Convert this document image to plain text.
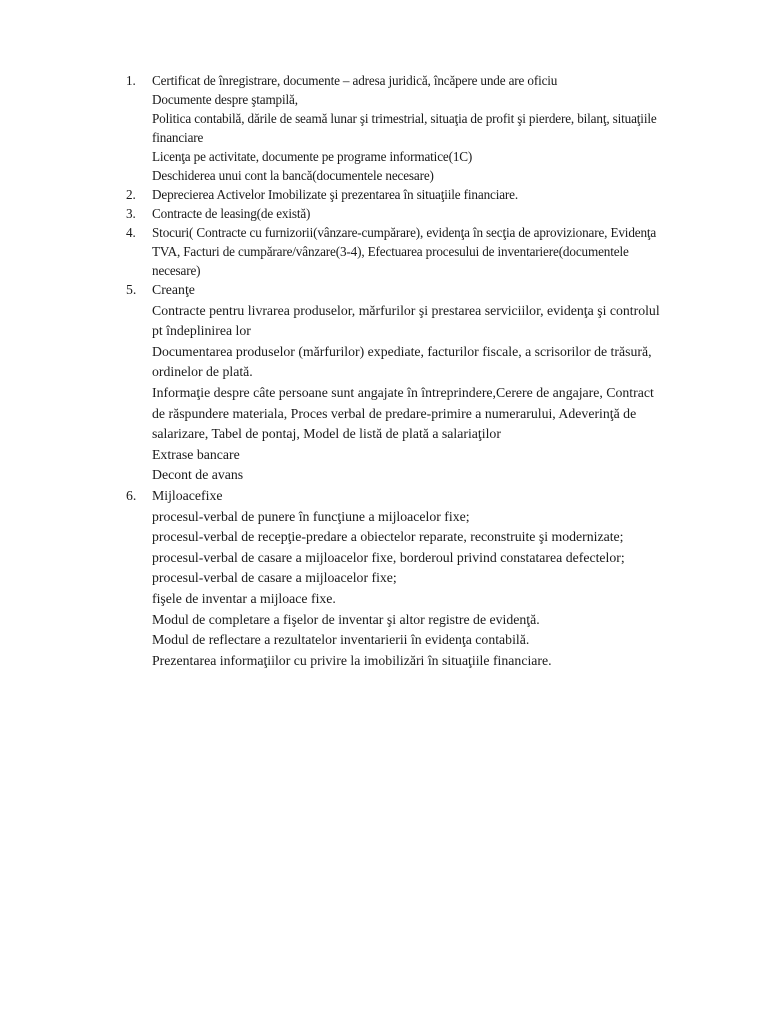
1.	Certificat de înregistrare, documente – adresa juridică, încăpere unde are oficiu
Documente despre ştampilă,
Politica contabilă, dările de seamă lunar şi trimestrial, situaţia de profit şi pierdere, bilanţ, situaţiile
financiare
Licenţa pe activitate, documente pe programe informatice(1C)
Deschiderea unui cont la bancă(documentele necesare)
2.	Deprecierea Activelor Imobilizate şi prezentarea în situaţiile financiare.
3.	Contracte de leasing(de există)
4.	Stocuri( Contracte cu furnizorii(vânzare-cumpărare), evidenţa în secţia de aprovizionare, Evidenţa
TVA, Facturi de cumpărare/vânzare(3-4), Efectuarea procesului de inventariere(documentele
necesare)
5.	Creanţe
Contracte pentru livrarea produselor, mărfurilor şi prestarea serviciilor, evidenţa şi controlul
pt îndeplinirea lor
Documentarea produselor (mărfurilor) expediate, facturilor fiscale, a scrisorilor de trăsură,
ordinelor de plată.
Informaţie despre câte persoane sunt angajate în întreprindere,Cerere de angajare, Contract
de răspundere materiala, Proces verbal de predare-primire a numerarului, Adeverinţă de
salarizare, Tabel de pontaj, Model de listă de plată a salariaţilor
Extrase bancare
Decont de avans
6.	Mijloacefixe
procesul-verbal de punere în funcţiune a mijloacelor fixe;
procesul-verbal de recepţie-predare a obiectelor reparate, reconstruite şi modernizate;
procesul-verbal de casare a mijloacelor fixe, borderoul privind constatarea defectelor;
procesul-verbal de casare a mijloacelor fixe;
fişele de inventar a mijloace fixe.
Modul de completare a fişelor de inventar şi altor registre de evidenţă.
Modul de reflectare a rezultatelor inventarierii în evidenţa contabilă.
Prezentarea informaţiilor cu privire la imobilizări în situaţiile financiare.
